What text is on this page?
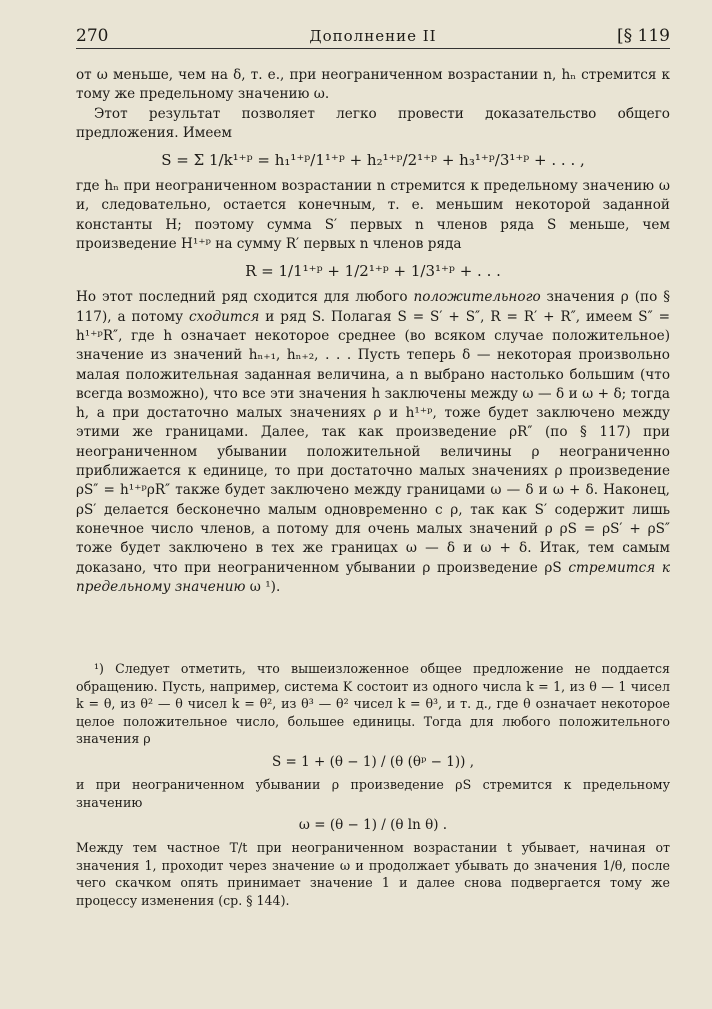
270	Дополнение II	[§ 119

от ω меньше, чем на δ, т. е., при неограниченном возрастании n, hₙ стремится к тому же предельному значению ω.

Этот результат позволяет легко провести доказательство общего предложения. Имеем

S = Σ 1/k¹⁺ᵖ = h₁¹⁺ᵖ/1¹⁺ᵖ + h₂¹⁺ᵖ/2¹⁺ᵖ + h₃¹⁺ᵖ/3¹⁺ᵖ + . . . ,

где hₙ при неограниченном возрастании n стремится к предельному значению ω и, следовательно, остается конечным, т. е. меньшим некоторой заданной константы H; поэтому сумма S′ первых n членов ряда S меньше, чем произведение H¹⁺ᵖ на сумму R′ первых n членов ряда

R = 1/1¹⁺ᵖ + 1/2¹⁺ᵖ + 1/3¹⁺ᵖ + . . .

Но этот последний ряд сходится для любого положительного значения ρ (по § 117), а потому сходится и ряд S. Полагая S = S′ + S″, R = R′ + R″, имеем S″ = h¹⁺ᵖR″, где h означает некоторое среднее (во всяком случае положительное) значение из значений hₙ₊₁, hₙ₊₂, . . . Пусть теперь δ — некоторая произвольно малая положительная заданная величина, а n выбрано настолько большим (что всегда возможно), что все эти значения h заключены между ω — δ и ω + δ; тогда h, а при достаточно малых значениях ρ и h¹⁺ᵖ, тоже будет заключено между этими же границами. Далее, так как произведение ρR″ (по § 117) при неограниченном убывании положительной величины ρ неограниченно приближается к единице, то при достаточно малых значениях ρ произведение ρS″ = h¹⁺ᵖρR″ также будет заключено между границами ω — δ и ω + δ. Наконец, ρS′ делается бесконечно малым одновременно с ρ, так как S′ содержит лишь конечное число членов, а потому для очень малых значений ρ ρS = ρS′ + ρS″ тоже будет заключено в тех же границах ω — δ и ω + δ. Итак, тем самым доказано, что при неограниченном убывании ρ произведение ρS стремится к предельному значению ω ¹).

¹) Следует отметить, что вышеизложенное общее предложение не поддается обращению. Пусть, например, система K состоит из одного числа k = 1, из θ — 1 чисел k = θ, из θ² — θ чисел k = θ², из θ³ — θ² чисел k = θ³, и т. д., где θ означает некоторое целое положительное число, большее единицы. Тогда для любого положительного значения ρ

S = 1 + (θ − 1) / (θ (θᵖ − 1)) ,

и при неограниченном убывании ρ произведение ρS стремится к предельному значению

ω = (θ − 1) / (θ ln θ) .

Между тем частное T/t при неограниченном возрастании t убывает, начиная от значения 1, проходит через значение ω и продолжает убывать до значения 1/θ, после чего скачком опять принимает значение 1 и далее снова подвергается тому же процессу изменения (ср. § 144).
